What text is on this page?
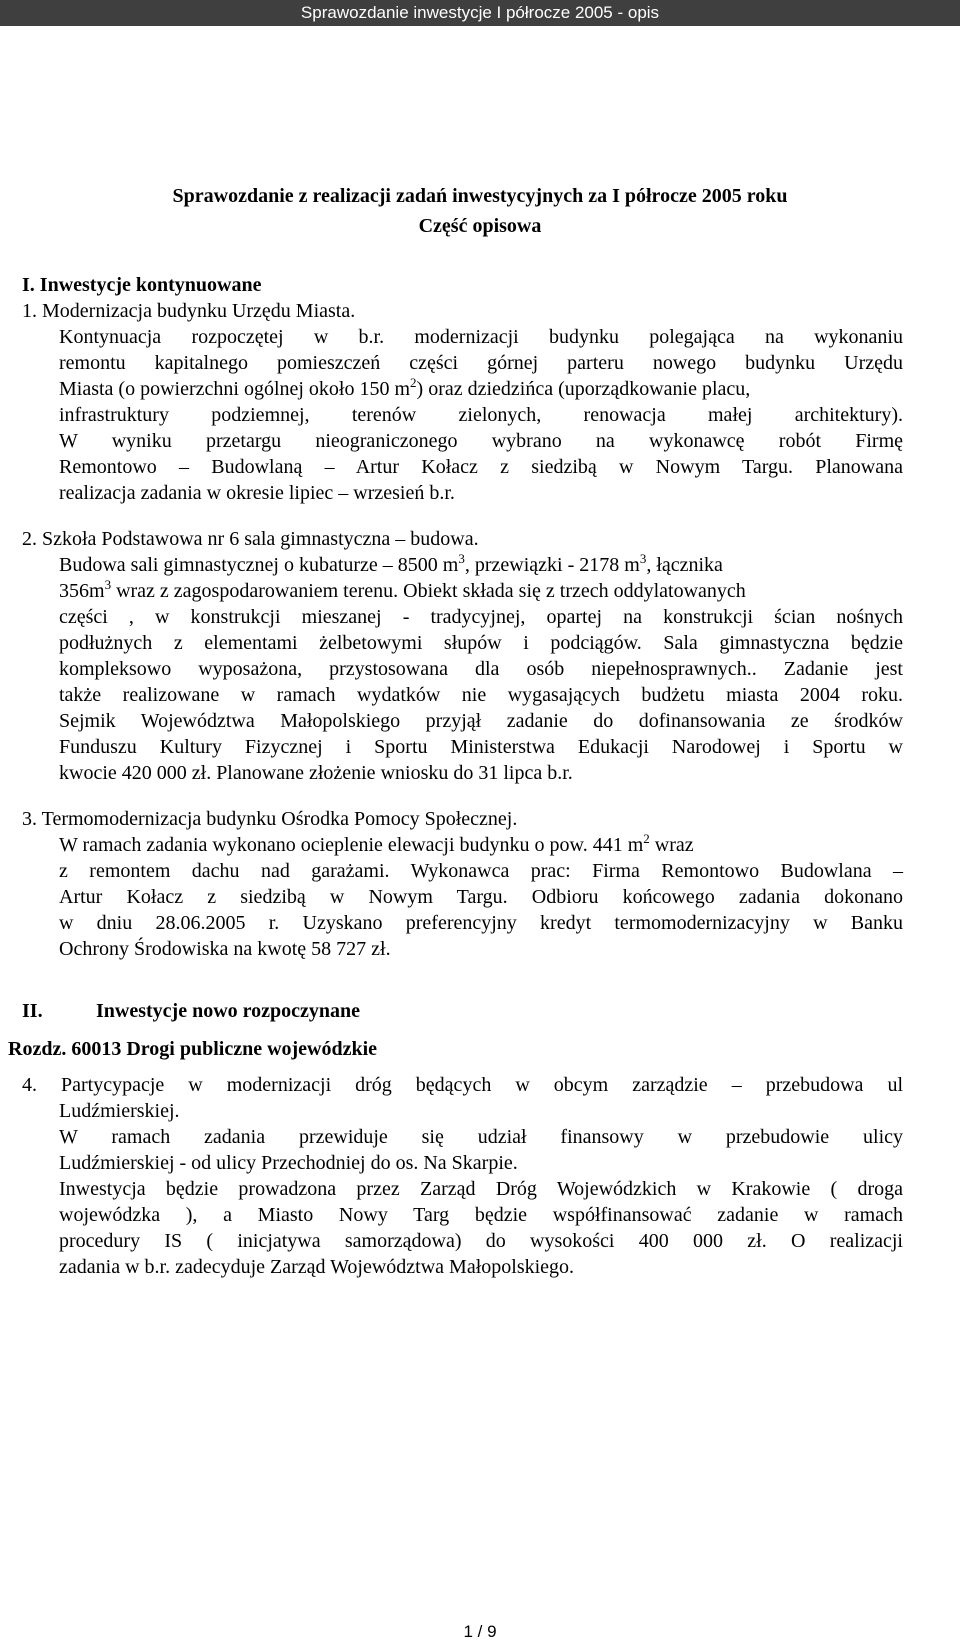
Sprawozdanie inwestycje I półrocze 2005 - opis
Sprawozdanie z realizacji zadań inwestycyjnych za I półrocze 2005 roku
Część opisowa
I. Inwestycje kontynuowane
1. Modernizacja budynku Urzędu Miasta.
Kontynuacja rozpoczętej w b.r. modernizacji budynku polegająca na wykonaniu
remontu kapitalnego pomieszczeń części górnej parteru nowego budynku Urzędu
Miasta (o powierzchni ogólnej około 150 $m^2$) oraz dziedzińca (uporządkowanie placu,
infrastruktury podziemnej, terenów zielonych, renowacja małej architektury).
W wyniku przetargu nieograniczonego wybrano na wykonawcę robót Firmę
Remontowo – Budowlaną – Artur Kołacz z siedzibą w Nowym Targu. Planowana
realizacja zadania w okresie lipiec – wrzesień b.r.
2. Szkoła Podstawowa nr 6 sala gimnastyczna – budowa.
Budowa sali gimnastycznej o kubaturze – 8500 $m^3$, przewiązki - 2178 $m^3$, łącznika
$356m^3$ wraz z zagospodarowaniem terenu. Obiekt składa się z trzech oddylatowanych
części , w konstrukcji mieszanej - tradycyjnej, opartej na konstrukcji ścian nośnych
podłużnych z elementami żelbetowymi słupów i podciągów. Sala gimnastyczna będzie
kompleksowo wyposażona, przystosowana dla osób niepełnosprawnych.. Zadanie jest
także realizowane w ramach wydatków nie wygasających budżetu miasta 2004 roku.
Sejmik Województwa Małopolskiego przyjął zadanie do dofinansowania ze środków
Funduszu Kultury Fizycznej i Sportu Ministerstwa Edukacji Narodowej i Sportu w
kwocie 420 000 zł. Planowane złożenie wniosku do 31 lipca b.r.
3. Termomodernizacja budynku Ośrodka Pomocy Społecznej.
W ramach zadania wykonano ocieplenie elewacji budynku o pow. 441 $m^2$ wraz
z remontem dachu nad garażami. Wykonawca prac: Firma Remontowo Budowlana –
Artur Kołacz z siedzibą w Nowym Targu. Odbioru końcowego zadania dokonano
w dniu 28.06.2005 r. Uzyskano preferencyjny kredyt termomodernizacyjny w Banku
Ochrony Środowiska na kwotę 58 727 zł.
II.	Inwestycje nowo rozpoczynane
Rozdz. 60013 Drogi publiczne wojewódzkie
4. Partycypacje w modernizacji dróg będących w obcym zarządzie – przebudowa ul
Ludźmierskiej.
W ramach zadania przewiduje się udział finansowy w przebudowie ulicy
Ludźmierskiej - od ulicy Przechodniej do os. Na Skarpie.
Inwestycja będzie prowadzona przez Zarząd Dróg Wojewódzkich w Krakowie ( droga
wojewódzka ), a Miasto Nowy Targ będzie współfinansować zadanie w ramach
procedury IS ( inicjatywa samorządowa) do wysokości 400 000 zł. O realizacji
zadania w b.r. zadecyduje Zarząd Województwa Małopolskiego.
1 / 9
